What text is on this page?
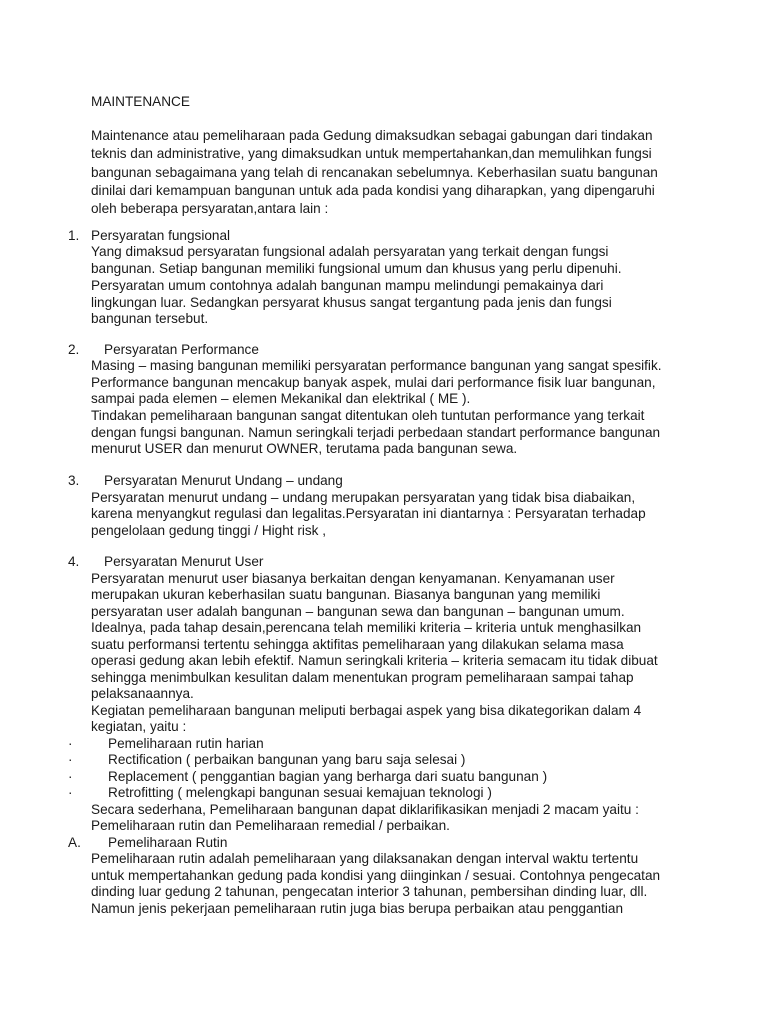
MAINTENANCE
Maintenance atau pemeliharaan pada Gedung dimaksudkan sebagai gabungan dari tindakan
teknis dan administrative, yang dimaksudkan untuk mempertahankan,dan memulihkan fungsi
bangunan sebagaimana yang telah di rencanakan sebelumnya. Keberhasilan suatu bangunan
dinilai dari kemampuan bangunan untuk ada pada kondisi yang diharapkan, yang dipengaruhi
oleh beberapa persyaratan,antara lain :
1. Persyaratan fungsional
Yang dimaksud persyaratan fungsional adalah persyaratan yang terkait dengan fungsi
bangunan. Setiap bangunan memiliki fungsional umum dan khusus yang perlu dipenuhi.
Persyaratan umum contohnya adalah bangunan mampu melindungi pemakainya dari
lingkungan luar. Sedangkan persyarat khusus sangat tergantung pada jenis dan fungsi
bangunan tersebut.
2. Persyaratan Performance
Masing – masing bangunan memiliki persyaratan performance bangunan yang sangat spesifik.
Performance bangunan mencakup banyak aspek, mulai dari performance fisik luar bangunan,
sampai pada elemen – elemen Mekanikal dan elektrikal ( ME ).
Tindakan pemeliharaan bangunan sangat ditentukan oleh tuntutan performance yang terkait
dengan fungsi bangunan. Namun seringkali terjadi perbedaan standart performance bangunan
menurut USER dan menurut OWNER, terutama pada bangunan sewa.
3. Persyaratan Menurut Undang – undang
Persyaratan menurut undang – undang merupakan persyaratan yang tidak bisa diabaikan,
karena menyangkut regulasi dan legalitas.Persyaratan ini diantarnya : Persyaratan terhadap
pengelolaan gedung tinggi / Hight risk ,
4. Persyaratan Menurut User
Persyaratan menurut user biasanya berkaitan dengan kenyamanan. Kenyamanan user
merupakan ukuran keberhasilan suatu bangunan. Biasanya bangunan yang memiliki
persyaratan user adalah bangunan – bangunan sewa dan bangunan – bangunan umum.
Idealnya, pada tahap desain,perencana telah memiliki kriteria – kriteria untuk menghasilkan
suatu performansi tertentu sehingga aktifitas pemeliharaan yang dilakukan selama masa
operasi gedung akan lebih efektif. Namun seringkali kriteria – kriteria semacam itu tidak dibuat
sehingga menimbulkan kesulitan dalam menentukan program pemeliharaan sampai tahap
pelaksanaannya.
Kegiatan pemeliharaan bangunan meliputi berbagai aspek yang bisa dikategorikan dalam 4
kegiatan, yaitu :
·	Pemeliharaan rutin harian
·	Rectification ( perbaikan bangunan yang baru saja selesai )
·	Replacement ( penggantian bagian yang berharga dari suatu bangunan )
·	Retrofitting ( melengkapi bangunan sesuai kemajuan teknologi )
Secara sederhana, Pemeliharaan bangunan dapat diklarifikasikan menjadi 2 macam yaitu :
Pemeliharaan rutin dan Pemeliharaan remedial / perbaikan.
A. Pemeliharaan Rutin
Pemeliharaan rutin adalah pemeliharaan yang dilaksanakan dengan interval waktu tertentu
untuk mempertahankan gedung pada kondisi yang diinginkan / sesuai. Contohnya pengecatan
dinding luar gedung 2 tahunan, pengecatan interior 3 tahunan, pembersihan dinding luar, dll.
Namun jenis pekerjaan pemeliharaan rutin juga bias berupa perbaikan atau penggantian
